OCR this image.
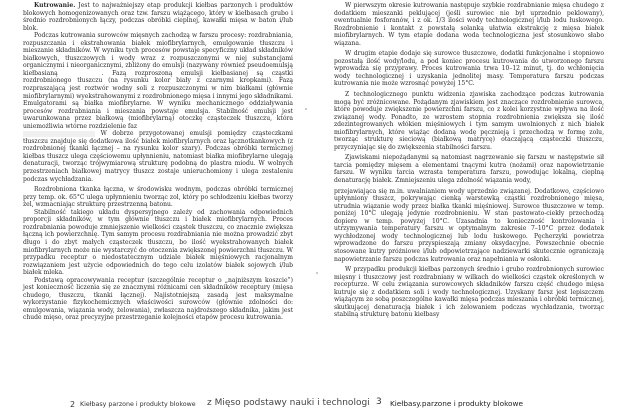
Kutrowanie. Jest to najważniejszy etap produkcji kiełbas parzonych i produktów blokowych homogenizowanych oraz tzw. farszu wiążącego, który w kiełbasach grubo i średnio rozdrobnionych łączy, podczas obróbki cieplnej, kawałki mięsa w baton i/lub blok.

Podczas kutrowania surowców mięsnych zachodzą w farszu procesy: rozdrabniania, rozpuszczania i ekstrahowania białek miofibrylarnych, emulgowanie tłuszczu i mieszanie składników. W wyniku tych procesów powstaje specyficzny układ składników białkowych, tłuszczowych i wody wraz z rozpuszczonymi w niej substancjami organicznymi i nieorganicznymi, zbliżony do emulsji (nazywany również pseudoemulsją kiełbasianą	. Fazą rozproszoną emulsji kiełbasianej są cząstki rozdrobnionego tłuszczu (na rysunku kolor biały z czarnymi kropkami). Fazą rozpraszającą jest roztwór wodny soli z rozpuszczonymi w nim białkami (głównie miofibrylarnymi) wyekstrahowanymi z rozdrobnionego mięsa i innymi jego składnikami. Emulgatorami są białka miofibrylarne. W wyniku mechanicznego oddziaływania procesów rozdrabniania i mieszania powstaje emulsja. Stabilność emulsji jest uwarunkowana przez białkową (miofibrylarną) otoczkę cząsteczek tłuszczu, która uniemożliwia wtórne rozdzielenie faz
W dobrze przygotowanej emulsji pomiędzy cząsteczkami tłuszczu znajduje się dodatkowa ilość białek miofibrylarnych oraz łącznotkankowych (z rozdrobnionej tkanki łącznej – na rysunku kolor szary). Podczas obróbki termicznej kiełbas tłuszcz ulega częściowemu upłynnieniu, natomiast białka miofibrylarne ulegają denaturacji, tworząc trójwymiarową strukturę podobną do plastra miodu. W wolnych przestrzeniach białkowej matrycy tłuszcz zostaje unieruchomiony i ulega zestaleniu podczas wychładzania.

Rozdrobniona tkanka łączna, w środowisku wodnym, podczas obróbki termicznej przy temp. ok. 65°C ulega upłynnieniu tworząc zol, który po schłodzeniu kiełbas tworzy żel, wzmacniając strukturę przestrzenną batonu.

Stabilność takiego układu dyspersyjnego zależy od zachowania odpowiednich proporcji składników, w tym głównie tłuszczu i białek miofibrylarnych. Proces rozdrabniania powoduje zmniejszenie wielkości cząstek tłuszczu, co znacznie zwiększa łączną ich powierzchnię. Tym samym procesu rozdrabniania nie można prowadzić zbyt długo i do zbyt małych cząsteczek tłuszczu, bo ilość wyekstrahowanych białek miofibrylarnych może nie wystarczyć do otoczenia zwiększonej powierzchni tłuszczu. W przypadku receptur o niedostatecznym udziale białek mięśniowych racjonalnym rozwiązaniem jest użycie odpowiednich do tego celu izolatów białek sojowych i/lub białek mleka.

Podstawą opracowywania receptur (szczególnie receptur o „najniższym koszcie”) jest konieczność liczenia się ze znacznymi różnicami cen składników receptury (mięsa chudego, tłuszczu, tkanki łącznej). Najistotniejszą zasadą jest maksymalne wykorzystanie fizykochemicznych właściwości surowców (głównie zdolności do: emulgowania, wiązania wody, żelowania), zwłaszcza najdroższego składnika, jakim jest chude mięso, oraz precyzyjne przestrzeganie kolejności etapów procesu kutrowania.

W pierwszym okresie kutrowania następuje szybkie rozdrabnianie mięsa chudego z dodatkiem mieszanki peklującej (jeśli surowiec nie był uprzednio peklowany), ewentualnie fosforanów, i z ok. 1/3 ilości wody technologicznej i/lub lodu łuskowego. Rozdrobnienie i kontakt z powstałą solanką ułatwia ekstrakcję z mięsa białek miofibrylarnych. W tym etapie dodana woda technologiczna jest stosunkowo słabo wiązana.

W drugim etapie dodaje się surowce tłuszczowe, dodatki funkcjonalne i stopniowo pozostałą ilość wody/lodu, a pod koniec procesu kutrowania do utworzonego farszu wprowadza się przyprawy. Proces kutrowania trwa 10–12 minut, tj. do wchłonięcia wody technologicznej i uzyskania jednolitej masy. Temperatura farszu podczas kutrowania nie może wzrosnąć powyżej 15°C.

Z technologicznego punktu widzenia zjawiska zachodzące podczas kutrowania mogą być zróżnicowane. Pożądanym zjawiskiem jest znaczące rozdrobnienie surowca, które powoduje zwiększenie powierzchni farszu, co z kolei korzystnie wpływa na ilość związanej wody. Ponadto, ze wzrostem stopnia rozdrobnienia zwiększa się ilość zdezintegrowanych włókien mięśniowych i tym samym uwolnionych z nich białek miofibrylarnych, które wiążąc dodaną wodę pęcznieją i przechodzą w formę zolu, tworząc strukturę sieciową (białkową matrycę) otaczającą cząsteczki tłuszczu, przyczyniając się do zwiększenia stabilności farszu.

Zjawiskami niepożądanymi są natomiast nagrzewanie się farszu w następstwie sił tarcia pomiędzy mięsem a elementami tnącymi kutra (nożami) oraz napowietrzanie farszu. W wyniku tarcia wzrasta temperatura farszu, powodując lokalną, cieplną denaturację białek. Zmniejszeniu ulega zdolność wiązania wody,

przejawiająca się m.in. uwalnianiem wody uprzednio związanej. Dodatkowo, częściowo upłynniony tłuszcz, pokrywając cienką warstewką cząstki rozdrobnionego mięsa, utrudnia wiązanie wody przez białka tkanki mięśniowej. Surowce tłuszczowe w temp. poniżej 10°C ulegają jedynie rozdrobnieniu. W stan pastowato-ciekły przechodzą dopiero w temp. powyżej 10°C. Uzasadnia to konieczność kontrolowania i utrzymywania temperatury farszu w optymalnym zakresie 7–10°C przez dodatek wychłodzonej wody technologicznej lub lodu łuskowego. Pęcherzyki powietrza wprowadzone do farszu przyspieszają zmiany oksydacyjne. Powszechnie obecnie stosowane kutry próżniowe i/lub odpowietrzające nadziewarki skutecznie ograniczają napowietrzanie farszu podczas kutrowania oraz napełniania w osłonki.

W przypadku produkcji kiełbas parzonych średnio i grubo rozdrobnionych surowiec mięsny i tłuszczowy jest rozdrabniany w wilkach do wielkości cząstek określonych w recepturze. W celu związania surowcowych składników farszu część chudego mięsa kutruje się z dodatkiem soli i wody technologicznej. Uzyskany farsz jest lepiszczem wiążącym ze sobą poszczególne kawałki mięsa podczas mieszania i obróbki termicznej, skutkującej denaturacją białek i ich żelowaniem podczas wychładzania, tworząc stabilną strukturę batonu kiełbasy

2 Kiełbasy parzone i produkty blokowe z Mięso podstawy nauki i technologi 3 Kiełbasy.parzone i produkty blokowe
